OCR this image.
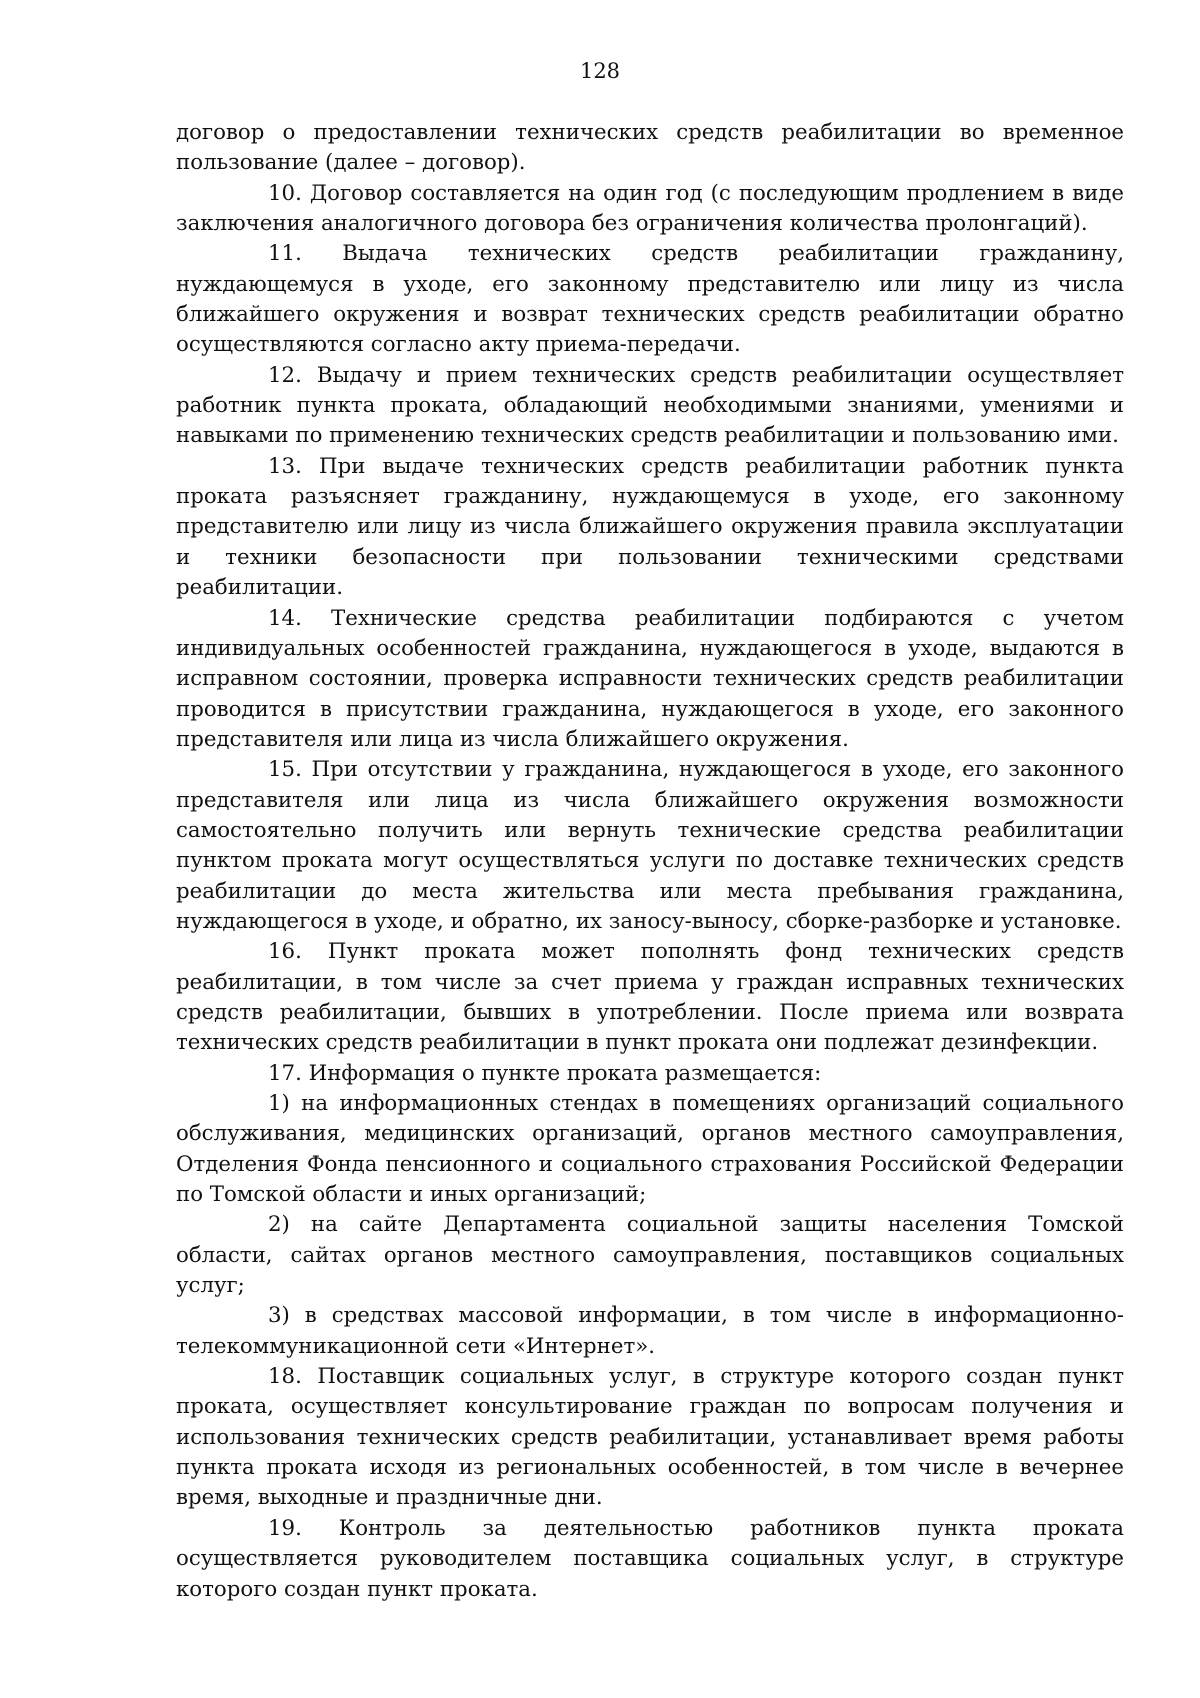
128

договор о предоставлении технических средств реабилитации во временное пользование (далее – договор).

10. Договор составляется на один год (с последующим продлением в виде заключения аналогичного договора без ограничения количества пролонгаций).

11. Выдача технических средств реабилитации гражданину, нуждающемуся в уходе, его законному представителю или лицу из числа ближайшего окружения и возврат технических средств реабилитации обратно осуществляются согласно акту приема-передачи.

12. Выдачу и прием технических средств реабилитации осуществляет работник пункта проката, обладающий необходимыми знаниями, умениями и навыками по применению технических средств реабилитации и пользованию ими.

13. При выдаче технических средств реабилитации работник пункта проката разъясняет гражданину, нуждающемуся в уходе, его законному представителю или лицу из числа ближайшего окружения правила эксплуатации и техники безопасности при пользовании техническими средствами реабилитации.

14. Технические средства реабилитации подбираются с учетом индивидуальных особенностей гражданина, нуждающегося в уходе, выдаются в исправном состоянии, проверка исправности технических средств реабилитации проводится в присутствии гражданина, нуждающегося в уходе, его законного представителя или лица из числа ближайшего окружения.

15. При отсутствии у гражданина, нуждающегося в уходе, его законного представителя или лица из числа ближайшего окружения возможности самостоятельно получить или вернуть технические средства реабилитации пунктом проката могут осуществляться услуги по доставке технических средств реабилитации до места жительства или места пребывания гражданина, нуждающегося в уходе, и обратно, их заносу-выносу, сборке-разборке и установке.

16. Пункт проката может пополнять фонд технических средств реабилитации, в том числе за счет приема у граждан исправных технических средств реабилитации, бывших в употреблении. После приема или возврата технических средств реабилитации в пункт проката они подлежат дезинфекции.

17. Информация о пункте проката размещается:

1) на информационных стендах в помещениях организаций социального обслуживания, медицинских организаций, органов местного самоуправления, Отделения Фонда пенсионного и социального страхования Российской Федерации по Томской области и иных организаций;

2) на сайте Департамента социальной защиты населения Томской области, сайтах органов местного самоуправления, поставщиков социальных услуг;

3) в средствах массовой информации, в том числе в информационно-телекоммуникационной сети «Интернет».

18. Поставщик социальных услуг, в структуре которого создан пункт проката, осуществляет консультирование граждан по вопросам получения и использования технических средств реабилитации, устанавливает время работы пункта проката исходя из региональных особенностей, в том числе в вечернее время, выходные и праздничные дни.

19. Контроль за деятельностью работников пункта проката осуществляется руководителем поставщика социальных услуг, в структуре которого создан пункт проката.
